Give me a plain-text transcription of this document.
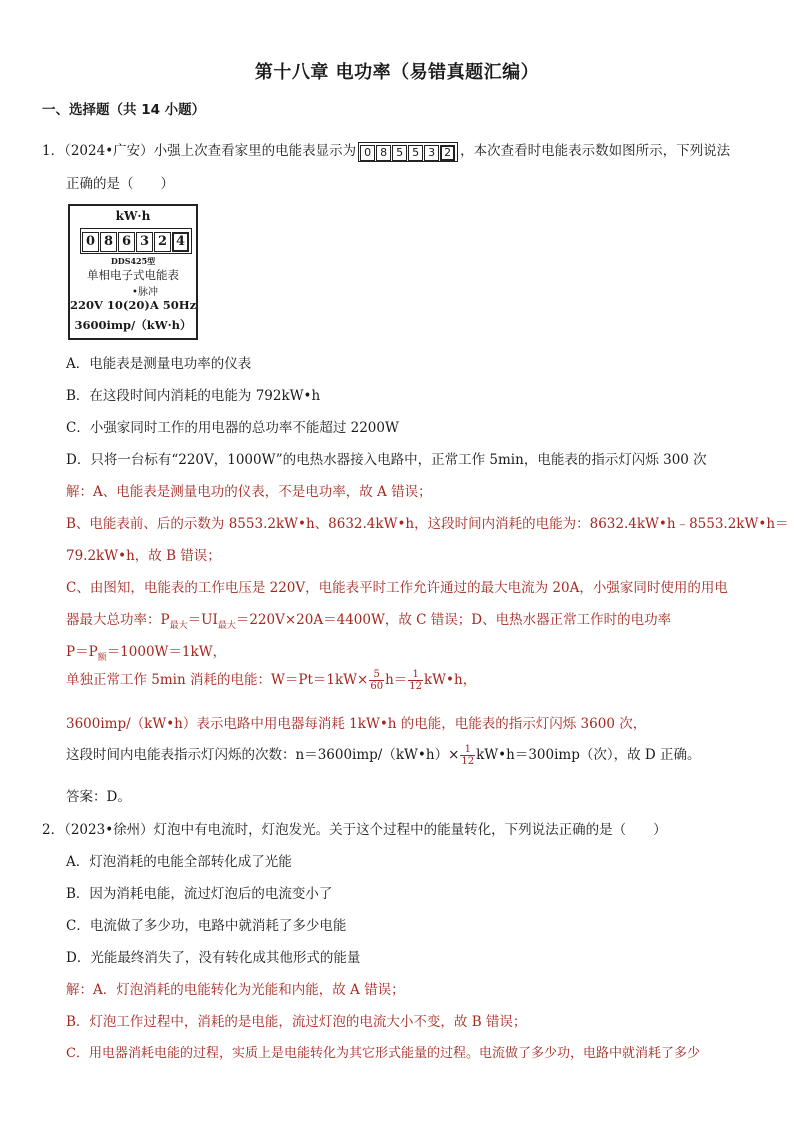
第十八章 电功率（易错真题汇编）
一、选择题（共 14 小题）
1．（2024•广安）小强上次查看家里的电能表显示为 0 8 5 5 3 2 ，本次查看时电能表示数如图所示，下列说法
正确的是（　　）
kW·h
0 8 6 3 2 4
DDS425型
单相电子式电能表
•脉冲
220V 10(20)A 50Hz
3600imp/（kW·h）
A．电能表是测量电功率的仪表
B．在这段时间内消耗的电能为 792kW•h
C．小强家同时工作的用电器的总功率不能超过 2200W
D．只将一台标有“220V，1000W”的电热水器接入电路中，正常工作 5min，电能表的指示灯闪烁 300 次
解：A、电能表是测量电功的仪表，不是电功率，故 A 错误；
B、电能表前、后的示数为 8553.2kW•h、8632.4kW•h，这段时间内消耗的电能为：8632.4kW•h﹣8553.2kW•h＝
79.2kW•h，故 B 错误；
C、由图知，电能表的工作电压是 220V，电能表平时工作允许通过的最大电流为 20A，小强家同时使用的用电
器最大总功率：$P_{最大}=UI_{最大}=220V\times 20A=4400W$，故 C 错误；D、电热水器正常工作时的电功率
$P=P_额=1000W=1kW$，
单独正常工作 5min 消耗的电能：$W=Pt=1kW\times \frac{5}{60} h= \frac{1}{12}$ kW•h，
3600imp/（kW•h）表示电路中用电器每消耗 1kW•h 的电能，电能表的指示灯闪烁 3600 次，
这段时间内电能表指示灯闪烁的次数：n＝3600imp/（kW•h）× $\frac{1}{12}$ kW•h＝300imp（次），故 D 正确。
答案：D。
2．（2023•徐州）灯泡中有电流时，灯泡发光。关于这个过程中的能量转化，下列说法正确的是（　　）
A．灯泡消耗的电能全部转化成了光能
B．因为消耗电能，流过灯泡后的电流变小了
C．电流做了多少功，电路中就消耗了多少电能
D．光能最终消失了，没有转化成其他形式的能量
解：A．灯泡消耗的电能转化为光能和内能，故 A 错误；
B．灯泡工作过程中，消耗的是电能，流过灯泡的电流大小不变，故 B 错误；
C．用电器消耗电能的过程，实质上是电能转化为其它形式能量的过程。电流做了多少功，电路中就消耗了多少
